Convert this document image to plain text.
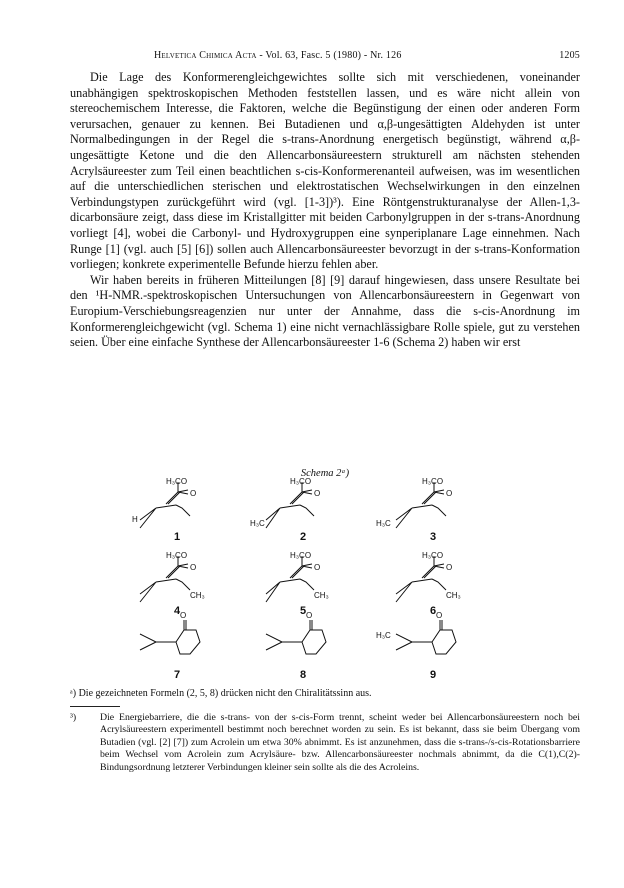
Helvetica Chimica Acta - Vol. 63, Fasc. 5 (1980) - Nr. 126	1205

Die Lage des Konformerengleichgewichtes sollte sich mit verschiedenen, voneinander unabhängigen spektroskopischen Methoden feststellen lassen, und es wäre nicht allein von stereochemischem Interesse, die Faktoren, welche die Begünstigung der einen oder anderen Form verursachen, genauer zu kennen. Bei Butadienen und α,β-ungesättigten Aldehyden ist unter Normalbedingungen in der Regel die s-trans-Anordnung energetisch begünstigt, während α,β-ungesättigte Ketone und die den Allencarbonsäureestern strukturell am nächsten stehenden Acrylsäureester zum Teil einen beachtlichen s-cis-Konformerenanteil aufweisen, was im wesentlichen auf die unterschiedlichen sterischen und elektrostatischen Wechselwirkungen in den einzelnen Verbindungstypen zurückgeführt wird (vgl. [1-3])³). Eine Röntgenstrukturanalyse der Allen-1,3-dicarbonsäure zeigt, dass diese im Kristallgitter mit beiden Carbonylgruppen in der s-trans-Anordnung vorliegt [4], wobei die Carbonyl- und Hydroxygruppen eine synperiplanare Lage einnehmen. Nach Runge [1] (vgl. auch [5] [6]) sollen auch Allencarbonsäureester bevorzugt in der s-trans-Konformation vorliegen; konkrete experimentelle Befunde hierzu fehlen aber.

Wir haben bereits in früheren Mitteilungen [8] [9] darauf hingewiesen, dass unsere Resultate bei den ¹H-NMR.-spektroskopischen Untersuchungen von Allencarbonsäureestern in Gegenwart von Europium-Verschiebungsreagenzien nur unter der Annahme, dass die s-cis-Anordnung im Konformerengleichgewicht (vgl. Schema 1) eine nicht vernachlässigbare Rolle spiele, gut zu verstehen seien. Über eine einfache Synthese der Allencarbonsäureester 1-6 (Schema 2) haben wir erst

Schema 2ᵃ)
H₃CO
O
H
H₃CO
O
H₃C
H₃CO
O
H₃C
H₃CO
O
CH₃
H₃CO
O
CH₃
H₃CO
O
CH₃
O	O	O
H₃C
1	2	3
4	5	6
7	8	9
ᵃ) Die gezeichneten Formeln (2, 5, 8) drücken nicht den Chiralitätssinn aus.
³)	Die Energiebarriere, die die s-trans- von der s-cis-Form trennt, scheint weder bei Allencarbonsäureestern noch bei Acrylsäureestern experimentell bestimmt noch berechnet worden zu sein. Es ist bekannt, dass sie beim Übergang vom Butadien (vgl. [2] [7]) zum Acrolein um etwa 30% abnimmt. Es ist anzunehmen, dass die s-trans-/s-cis-Rotationsbarriere beim Wechsel vom Acrolein zum Acrylsäure- bzw. Allencarbonsäureester nochmals abnimmt, da die C(1),C(2)-Bindungsordnung letzterer Verbindungen kleiner sein sollte als die des Acroleins.
